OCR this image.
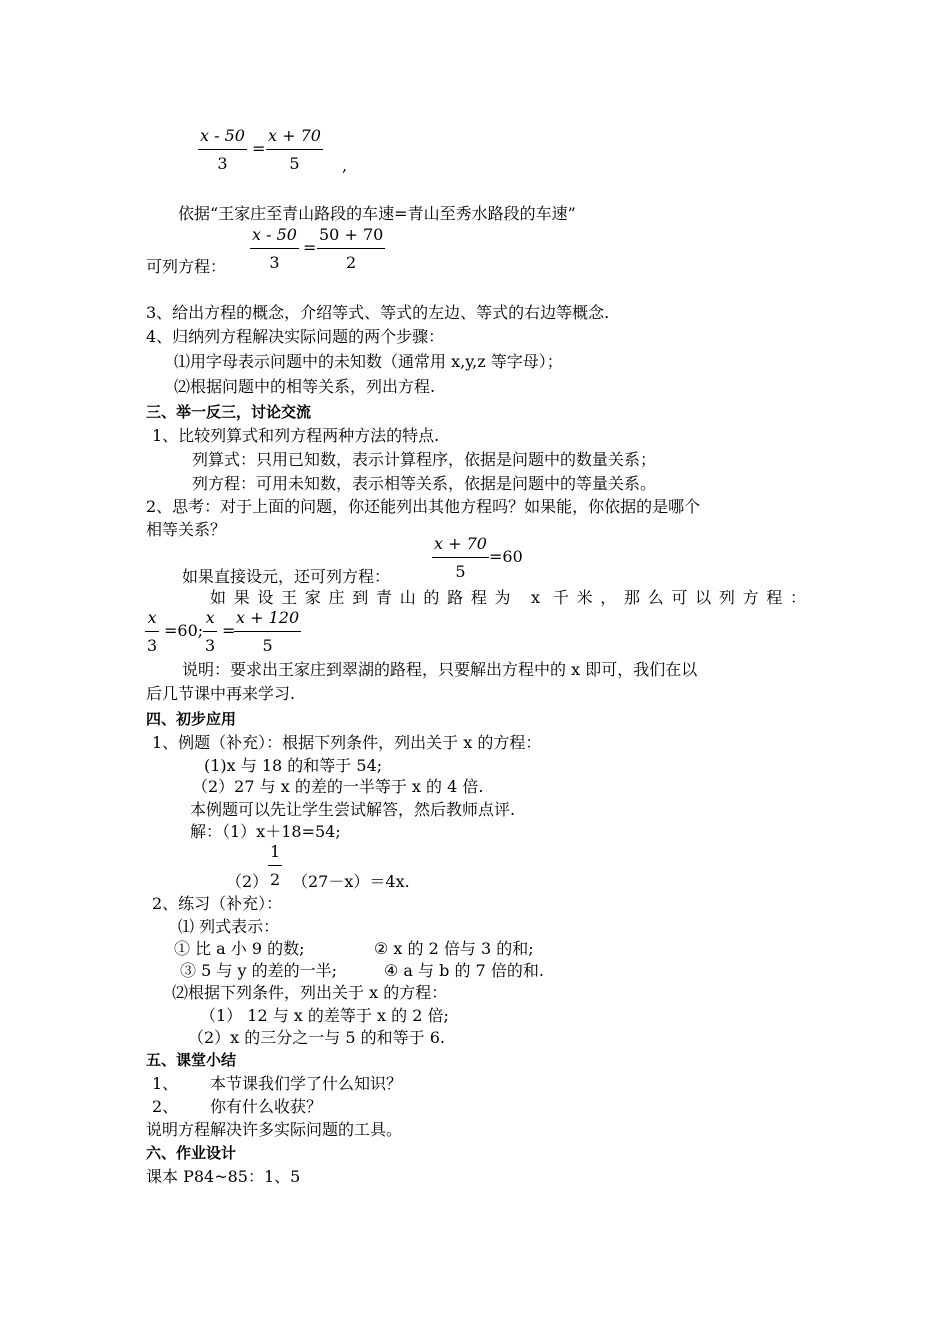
$\frac{x - 50}{3} = \frac{x + 70}{5}$ ,
依据“王家庄至青山路段的车速=青山至秀水路段的车速”
$\frac{x - 50}{3}$
可列方程：
= $\frac{50 + 70}{2}$
3、给出方程的概念，介绍等式、等式的左边、等式的右边等概念.
4、归纳列方程解决实际问题的两个步骤：
⑴用字母表示问题中的未知数（通常用 x,y,z 等字母）；
⑵根据问题中的相等关系，列出方程.
三、举一反三，讨论交流
1、比较列算式和列方程两种方法的特点.
列算式：只用已知数，表示计算程序，依据是问题中的数量关系；
列方程：可用未知数，表示相等关系，依据是问题中的等量关系。
2、思考：对于上面的问题，你还能列出其他方程吗？如果能，你依据的是哪个
相等关系？
$\frac{x + 70}{5} =60$
如果直接设元，还可列方程：
如果设王家庄到青山的路程为 x 千米，那么可以列方程：
$\frac{x}{3} =60$; $\frac{x}{3}$ =
$\frac{x + 120}{5}$
说明：要求出王家庄到翠湖的路程，只要解出方程中的 x 即可，我们在以
后几节课中再来学习.
四、初步应用
1、例题（补充）：根据下列条件，列出关于 x 的方程：
(1)x 与 18 的和等于 54;
（2）27 与 x 的差的一半等于 x 的 4 倍.
本例题可以先让学生尝试解答，然后教师点评.
解：（1）x＋18=54;
$\frac{1}{2}$
（2） （27－x）＝4x.
2、练习（补充）：
⑴ 列式表示：
① 比 a 小 9 的数;	② x 的 2 倍与 3 的和;
③ 5 与 y 的差的一半;	④ a 与 b 的 7 倍的和.
⑵根据下列条件，列出关于 x 的方程：
（1） 12 与 x 的差等于 x 的 2 倍;
（2）x 的三分之一与 5 的和等于 6.
五、课堂小结
1、 本节课我们学了什么知识？
2、 你有什么收获？
说明方程解决许多实际问题的工具。
六、作业设计
课本 P84~85：1、5
